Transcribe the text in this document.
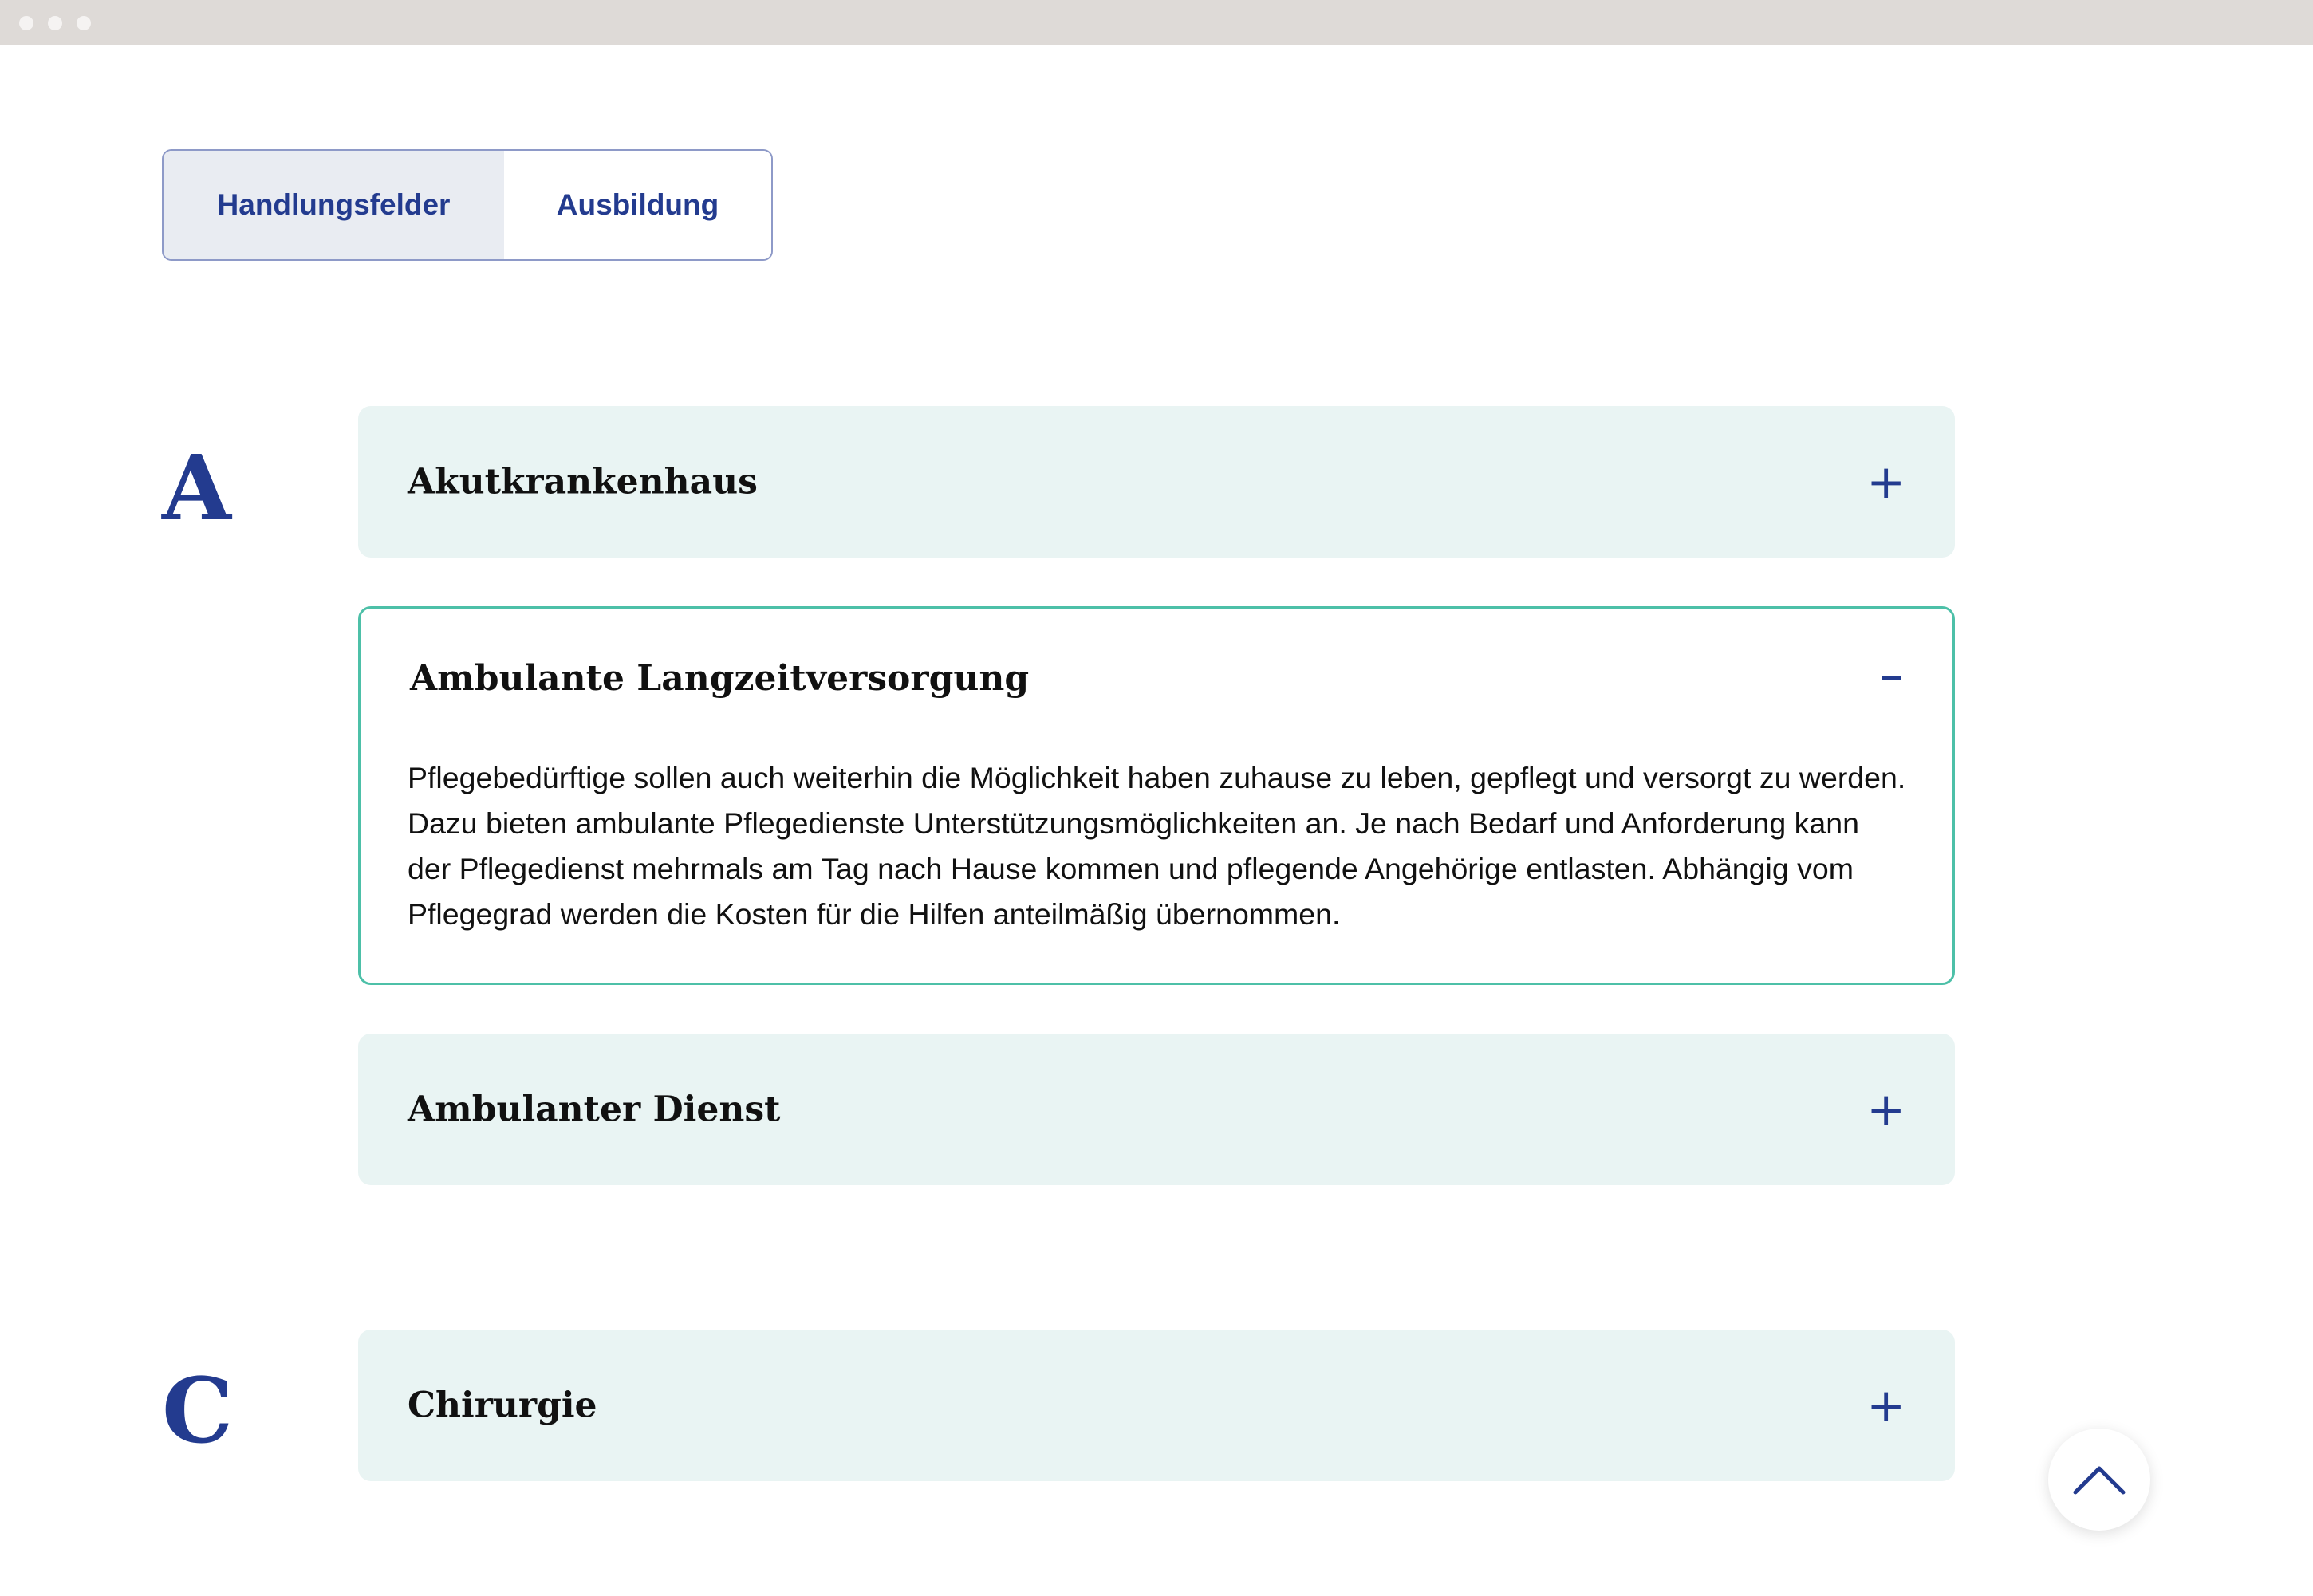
Handlungsfelder	Ausbildung
A	Akutkrankenhaus	+
Ambulante Langzeitversorgung	–
Pflegebedürftige sollen auch weiterhin die Möglichkeit haben zuhause zu leben, gepflegt und versorgt zu werden. Dazu bieten ambulante Pflegedienste Unterstützungsmöglichkeiten an. Je nach Bedarf und Anforderung kann der Pflegedienst mehrmals am Tag nach Hause kommen und pflegende Angehörige entlasten. Abhängig vom Pflegegrad werden die Kosten für die Hilfen anteilmäßig übernommen.
Ambulanter Dienst	+
C	Chirurgie	+
